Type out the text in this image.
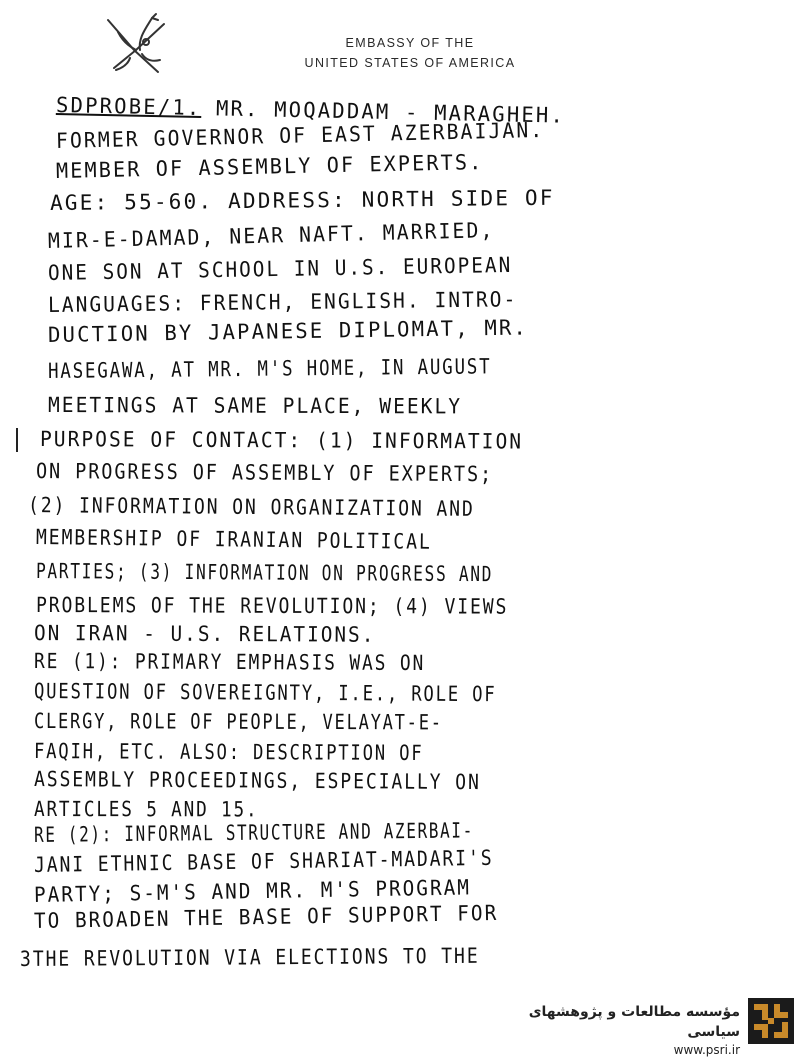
EMBASSY OF THE
UNITED STATES OF AMERICA
SDPROBE/1. MR. MOQADDAM - MARAGHEH.
FORMER GOVERNOR OF EAST AZERBAIJAN.
MEMBER OF ASSEMBLY OF EXPERTS.
AGE: 55-60. ADDRESS: NORTH SIDE OF
MIR-E-DAMAD, NEAR NAFT. MARRIED,
ONE SON AT SCHOOL IN U.S. EUROPEAN
LANGUAGES: FRENCH, ENGLISH. INTRO-
DUCTION BY JAPANESE DIPLOMAT, MR.
HASEGAWA, AT MR. M'S HOME, IN AUGUST
MEETINGS AT SAME PLACE, WEEKLY
PURPOSE OF CONTACT: (1) INFORMATION
ON PROGRESS OF ASSEMBLY OF EXPERTS;
(2) INFORMATION ON ORGANIZATION AND
MEMBERSHIP OF IRANIAN POLITICAL
PARTIES; (3) INFORMATION ON PROGRESS AND
PROBLEMS OF THE REVOLUTION; (4) VIEWS
ON IRAN - U.S. RELATIONS.
RE (1): PRIMARY EMPHASIS WAS ON
QUESTION OF SOVEREIGNTY, I.E., ROLE OF
CLERGY, ROLE OF PEOPLE, VELAYAT-E-
FAQIH, ETC. ALSO: DESCRIPTION OF
ASSEMBLY PROCEEDINGS, ESPECIALLY ON
ARTICLES 5 AND 15.
RE (2): INFORMAL STRUCTURE AND AZERBAI-
JANI ETHNIC BASE OF SHARIAT-MADARI'S
PARTY; S-M'S AND MR. M'S PROGRAM
TO BROADEN THE BASE OF SUPPORT FOR
3THE REVOLUTION VIA ELECTIONS TO THE
مؤسسه مطالعات و پژوهشهای سیاسی
www.psri.ir
